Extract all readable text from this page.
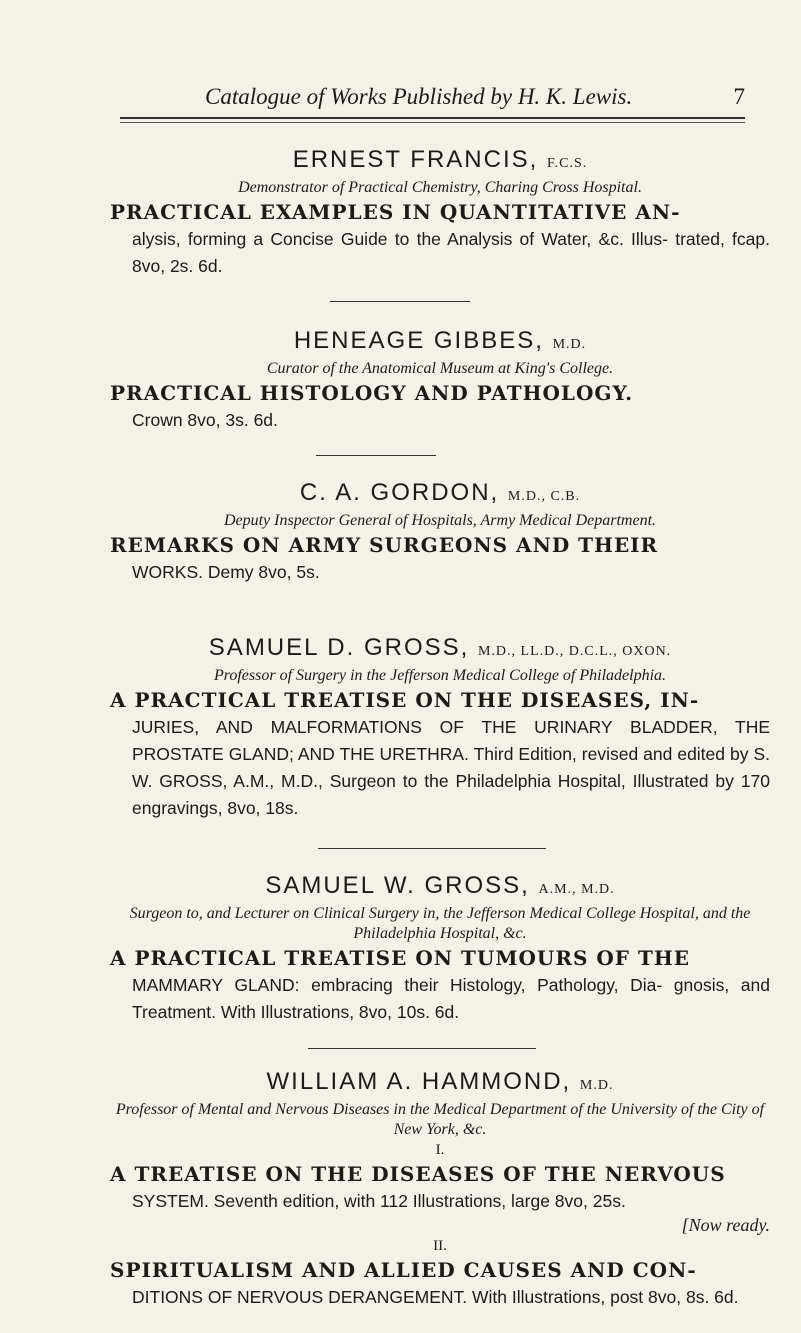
Catalogue of Works Published by H. K. Lewis.	7
ERNEST FRANCIS, F.C.S.
Demonstrator of Practical Chemistry, Charing Cross Hospital.

PRACTICAL EXAMPLES IN QUANTITATIVE AN-

alysis, forming a Concise Guide to the Analysis of Water, &c. Illus- trated, fcap. 8vo, 2s. 6d.

HENEAGE GIBBES, M.D.
Curator of the Anatomical Museum at King's College.

PRACTICAL HISTOLOGY AND PATHOLOGY.

Crown 8vo, 3s. 6d.

C. A. GORDON, M.D., C.B.
Deputy Inspector General of Hospitals, Army Medical Department.

REMARKS ON ARMY SURGEONS AND THEIR

WORKS. Demy 8vo, 5s.

SAMUEL D. GROSS, M.D., LL.D., D.C.L., OXON.
Professor of Surgery in the Jefferson Medical College of Philadelphia.

A PRACTICAL TREATISE ON THE DISEASES, IN-

JURIES, AND MALFORMATIONS OF THE URINARY BLADDER, THE PROSTATE GLAND; AND THE URETHRA. Third Edition, revised and edited by S. W. GROSS, A.M., M.D., Surgeon to the Philadelphia Hospital, Illustrated by 170 engravings, 8vo, 18s.

SAMUEL W. GROSS, A.M., M.D.
Surgeon to, and Lecturer on Clinical Surgery in, the Jefferson Medical College Hospital, and the Philadelphia Hospital, &c.

A PRACTICAL TREATISE ON TUMOURS OF THE

MAMMARY GLAND: embracing their Histology, Pathology, Dia- gnosis, and Treatment. With Illustrations, 8vo, 10s. 6d.

WILLIAM A. HAMMOND, M.D.
Professor of Mental and Nervous Diseases in the Medical Department of the University of the City of New York, &c.
I.

A TREATISE ON THE DISEASES OF THE NERVOUS

SYSTEM. Seventh edition, with 112 Illustrations, large 8vo, 25s.

[Now ready.
II.

SPIRITUALISM AND ALLIED CAUSES AND CON-

DITIONS OF NERVOUS DERANGEMENT. With Illustrations, post 8vo, 8s. 6d.
